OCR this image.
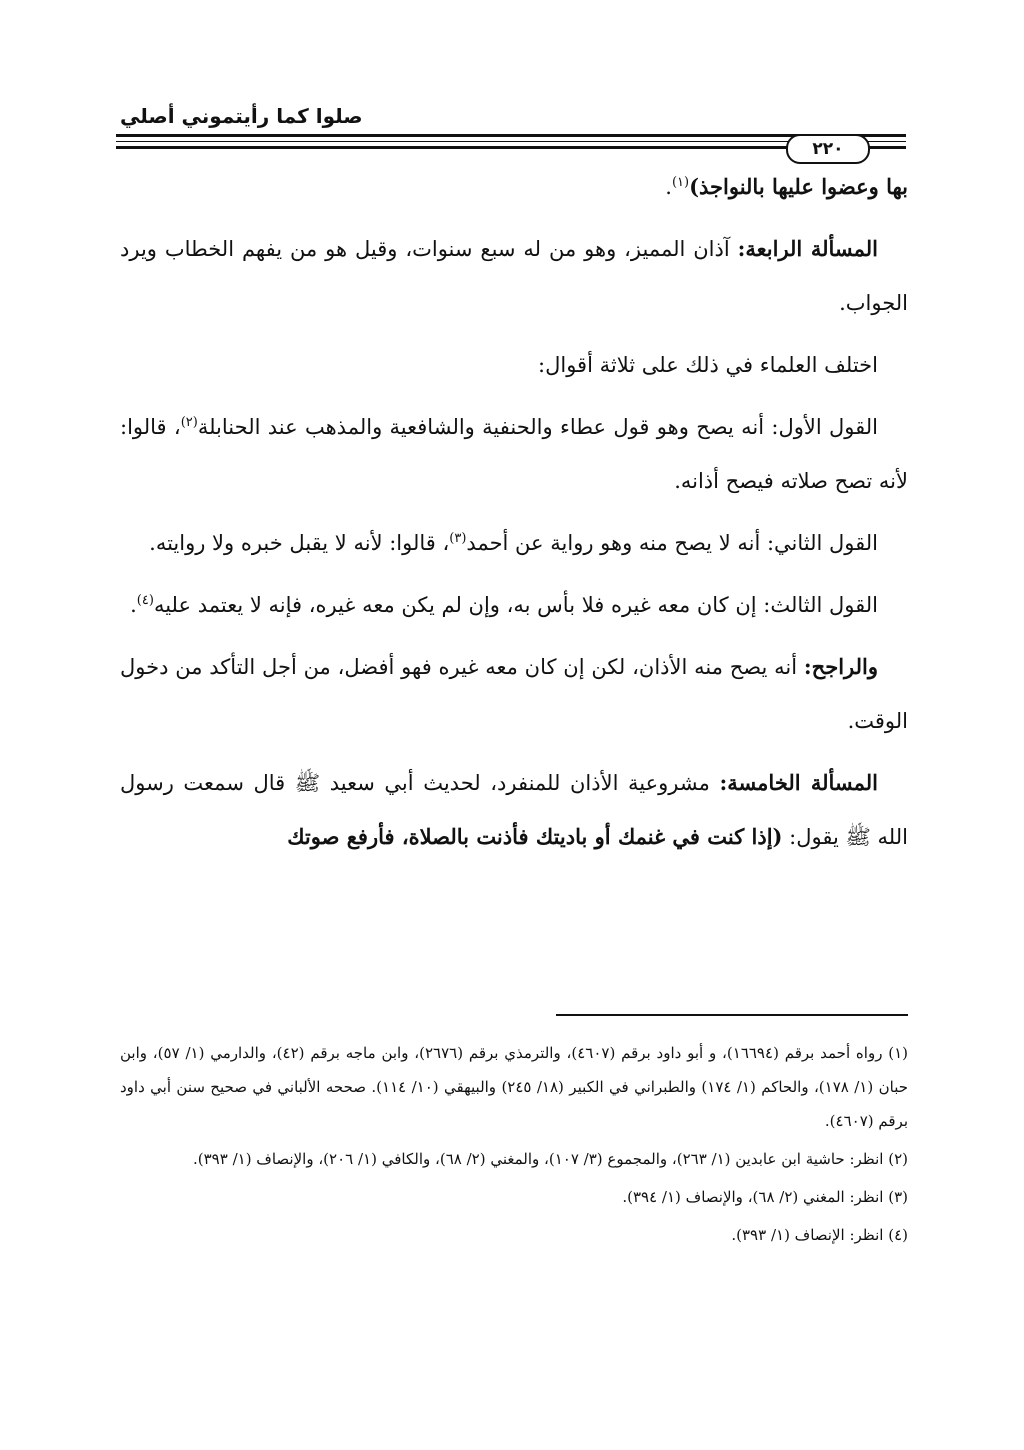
صلوا كما رأيتموني أصلي
٢٢٠

بها وعضوا عليها بالنواجذ)$^{(١)}$.

المسألة الرابعة: آذان المميز، وهو من له سبع سنوات، وقيل هو من يفهم الخطاب ويرد الجواب.

اختلف العلماء في ذلك على ثلاثة أقوال:

القول الأول: أنه يصح وهو قول عطاء والحنفية والشافعية والمذهب عند الحنابلة$^{(٢)}$، قالوا: لأنه تصح صلاته فيصح أذانه.

القول الثاني: أنه لا يصح منه وهو رواية عن أحمد$^{(٣)}$، قالوا: لأنه لا يقبل خبره ولا روايته.

القول الثالث: إن كان معه غيره فلا بأس به، وإن لم يكن معه غيره، فإنه لا يعتمد عليه$^{(٤)}$.

والراجح: أنه يصح منه الأذان، لكن إن كان معه غيره فهو أفضل، من أجل التأكد من دخول الوقت.

المسألة الخامسة: مشروعية الأذان للمنفرد، لحديث أبي سعيد ﷺ قال سمعت رسول الله ﷺ يقول: (إذا كنت في غنمك أو باديتك فأذنت بالصلاة، فأرفع صوتك

(١) رواه أحمد برقم (١٦٦٩٤)، و أبو داود برقم (٤٦٠٧)، والترمذي برقم (٢٦٧٦)، وابن ماجه برقم (٤٢)، والدارمي (١/ ٥٧)، وابن حبان (١/ ١٧٨)، والحاكم (١/ ١٧٤) والطبراني في الكبير (١٨/ ٢٤٥) والبيهقي (١٠/ ١١٤). صححه الألباني في صحيح سنن أبي داود برقم (٤٦٠٧).

(٢) انظر: حاشية ابن عابدين (١/ ٢٦٣)، والمجموع (٣/ ١٠٧)، والمغني (٢/ ٦٨)، والكافي (١/ ٢٠٦)، والإنصاف (١/ ٣٩٣).

(٣) انظر: المغني (٢/ ٦٨)، والإنصاف (١/ ٣٩٤).

(٤) انظر: الإنصاف (١/ ٣٩٣).
